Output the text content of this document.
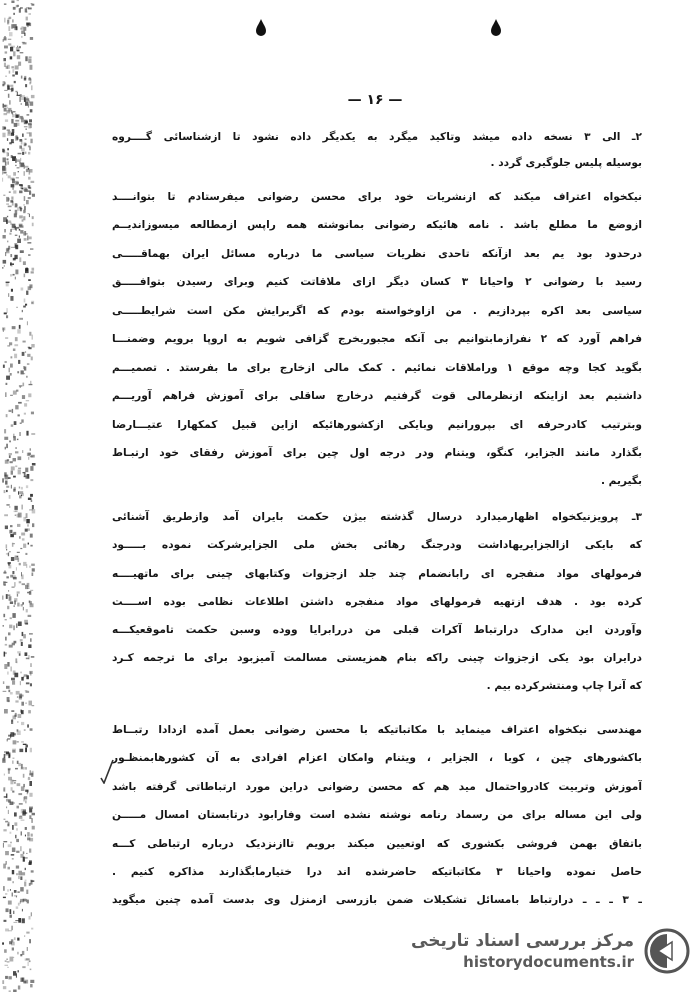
— ۱۶ —
۲ـ الی ۳ نسخه داده میشد وتاکید میگرد به یکدیگر داده نشود تا ازشناسائی گــــروه
بوسیله پلیس جلوگیری گردد .
نیکخواه اعتراف میکند که ازنشریات خود برای محسن رضوانی میفرستادم تا بتوانــــد
ازوضع ما مطلع باشد . نامه هائیکه رضوانی بمانوشته همه راپس ازمطالعه میسوزاندیــم
درحدود بود یم بعد ازآنکه تاحدی نظریات سیاسی ما درباره مسائل ایران بهماقـــــی
رسید با رضوانی ۲ واحیانا ۳ کسان دیگر ازای ملاقاتت کنیم وبرای رسیدن بتوافـــــق
سیاسی بعد اکره بپردازیم . من ازاوخواسته بودم که اگربرایش مکن است شرایطـــــی
فراهم آورد که ۲ نفرازمابتوانیم بی آنکه مجبوربخرج گزافی شویم به اروپا برویم وضمنـــا
بگوید کجا وچه موقع ۱ وراملاقات نمائیم . کمک مالی ازخارج برای ما بفرستد . تصمیـــم
داشتیم بعد ازاینکه ازنظرمالی قوت گرفتیم درخارج ساقلی برای آموزش فراهم آوریـــم
وبترتیب کادرحرفه ای بپرورانیم وبایکی ازکشورهائیکه ازاین قبیل کمکهارا عتیـــارضا
بگذارد مانند الجزایر، کنگو، ویتنام ودر درجه اول چین برای آموزش رفقای خود ارتبـاط
بگیریم .
۳ـ پرویزنیکخواه اظهارمیدارد درسال گذشته بیژن حکمت بایران آمد وازطریق آشنائی
که بایکی ازالجزایریهاداشت ودرجنگ رهائی بخش ملی الجزایرشرکت نموده بـــــود
فرمولهای مواد منفجره ای رابانضمام چند جلد ازجزوات وکتابهای چینی برای ماتهیــــه
کرده بود . هدف ازتهیه فرمولهای مواد منفجره داشتن اطلاعات نظامی بوده اســــت
وآوردن این مدارک درارتباط آکرات قبلی من دررابرایا ووده وسبن حکمت تاموقعیکـــه
درایران بود یکی ازجزوات چینی راکه بنام همزیستی مسالمت آمیزبود برای ما ترجمه کـرد
که آنرا چاپ ومنتشرکرده بیم .
مهندسی نیکخواه اعتراف مینماید با مکاتباتیکه با محسن رضوانی بعمل آمده ازدادا رتبــاط
باکشورهای چین ، کوبا ، الجزایر ، ویتنام وامکان اعزام افرادی به آن کشورهابمنظـور
آموزش وتربیت کادرواحتمال مید هم که محسن رضوانی دراین مورد ارتباطاتی گرفته باشد
ولی این مساله برای من رسماد رنامه نوشته نشده است وفارابود درتابستان امسال مـــــن
باتفاق بهمن فروشی بکشوری که اوتعیین میکند برویم تاازنزدیک درباره ارتباطی کـــه
حاصل نموده واحیانا ۳ مکاتباتیکه حاضرشده اند درا ختیارمابگذارند مذاکره کنیم .
ـ ۳ ـ ـ ـ درارتباط بامسائل تشکیلات ضمن بازرسی ازمنزل وی بدست آمده چنین میگوید
مرکز بررسی اسناد تاریخی
historydocuments.ir
